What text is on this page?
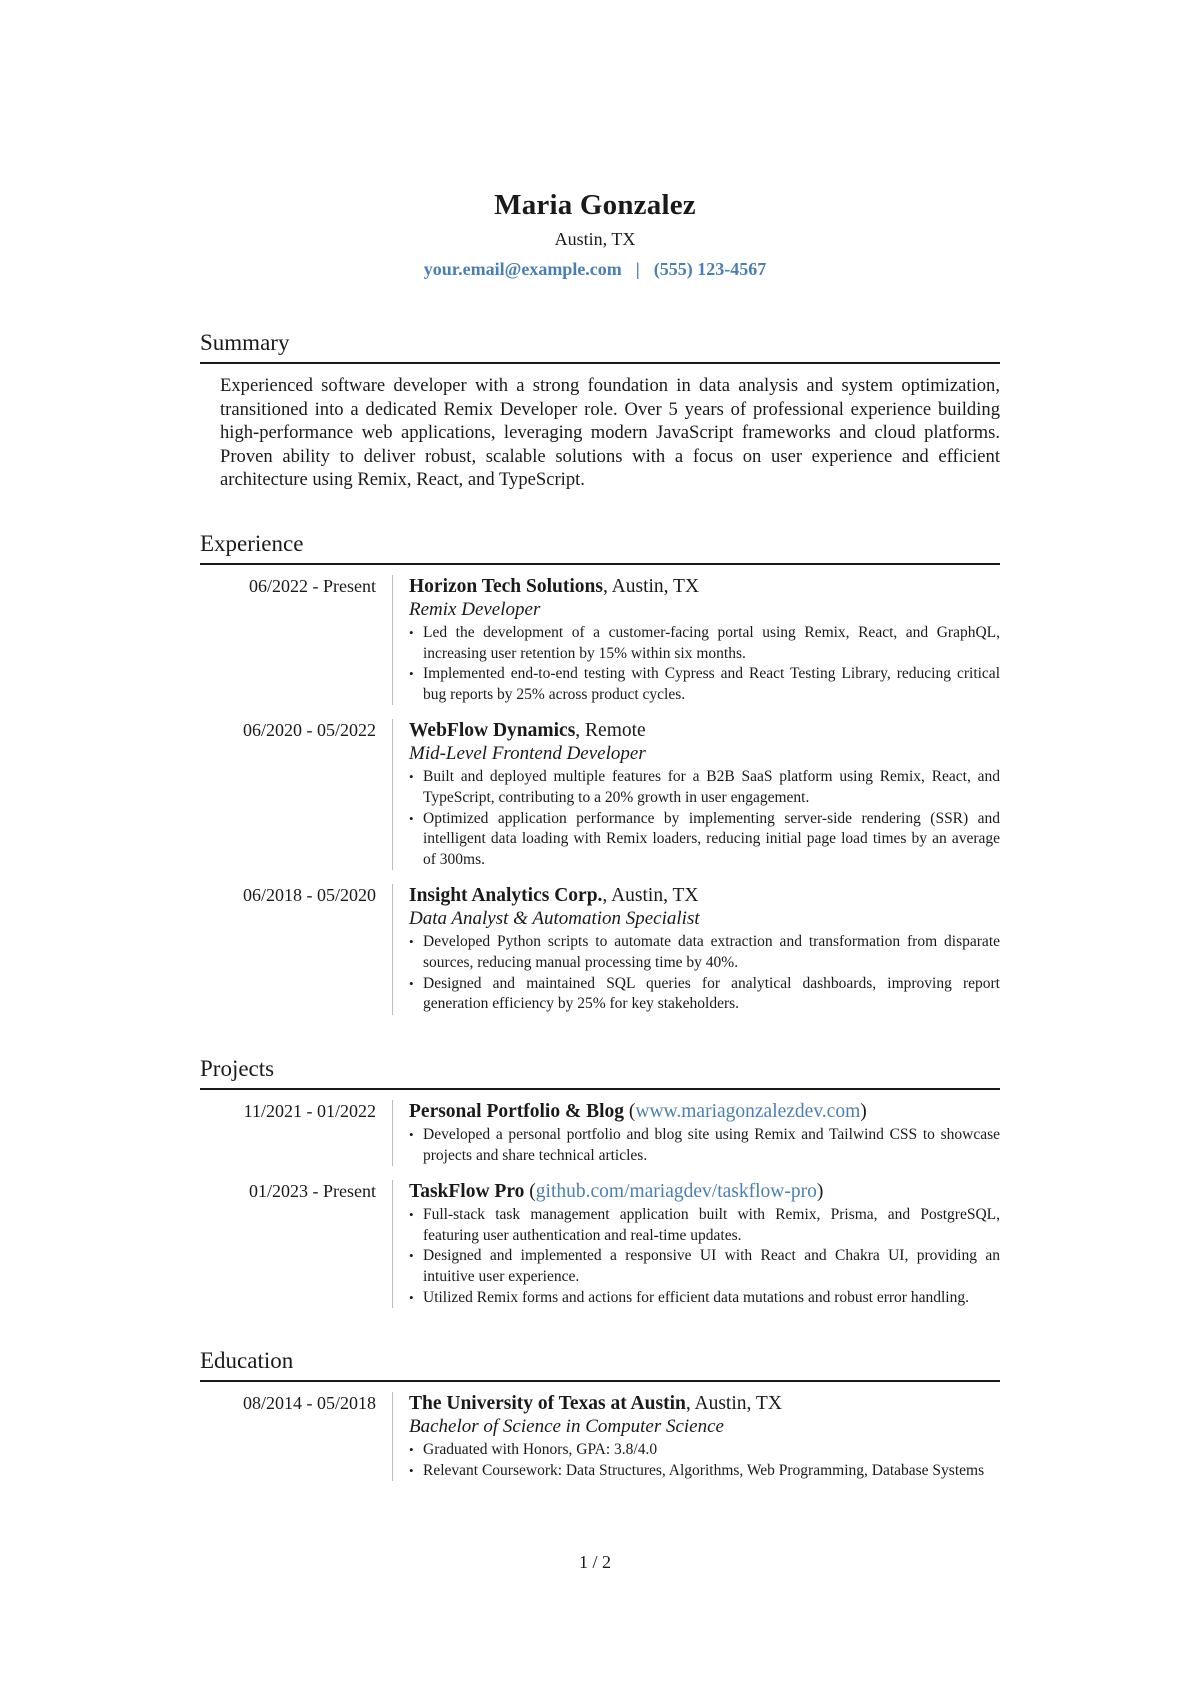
Maria Gonzalez
Austin, TX
your.email@example.com | (555) 123-4567
Summary

Experienced software developer with a strong foundation in data analysis and system optimization, transitioned into a dedicated Remix Developer role. Over 5 years of professional experience building high-performance web applications, leveraging modern JavaScript frameworks and cloud platforms. Proven ability to deliver robust, scalable solutions with a focus on user experience and efficient architecture using Remix, React, and TypeScript.

Experience
06/2022 - Present	Horizon Tech Solutions, Austin, TX
Remix Developer
• Led the development of a customer-facing portal using Remix, React, and GraphQL, increasing user retention by 15% within six months.
• Implemented end-to-end testing with Cypress and React Testing Library, reducing critical bug reports by 25% across product cycles.
06/2020 - 05/2022	WebFlow Dynamics, Remote
Mid-Level Frontend Developer
• Built and deployed multiple features for a B2B SaaS platform using Remix, React, and TypeScript, contributing to a 20% growth in user engagement.
• Optimized application performance by implementing server-side rendering (SSR) and intelligent data loading with Remix loaders, reducing initial page load times by an average of 300ms.
06/2018 - 05/2020	Insight Analytics Corp., Austin, TX
Data Analyst & Automation Specialist
• Developed Python scripts to automate data extraction and transformation from disparate sources, reducing manual processing time by 40%.
• Designed and maintained SQL queries for analytical dashboards, improving report generation efficiency by 25% for key stakeholders.
Projects
11/2021 - 01/2022	Personal Portfolio & Blog (www.mariagonzalezdev.com)
• Developed a personal portfolio and blog site using Remix and Tailwind CSS to showcase projects and share technical articles.
01/2023 - Present	TaskFlow Pro (github.com/mariagdev/taskflow-pro)
• Full-stack task management application built with Remix, Prisma, and PostgreSQL, featuring user authentication and real-time updates.
• Designed and implemented a responsive UI with React and Chakra UI, providing an intuitive user experience.
• Utilized Remix forms and actions for efficient data mutations and robust error handling.
Education
08/2014 - 05/2018	The University of Texas at Austin, Austin, TX
Bachelor of Science in Computer Science
• Graduated with Honors, GPA: 3.8/4.0
• Relevant Coursework: Data Structures, Algorithms, Web Programming, Database Systems
1 / 2
